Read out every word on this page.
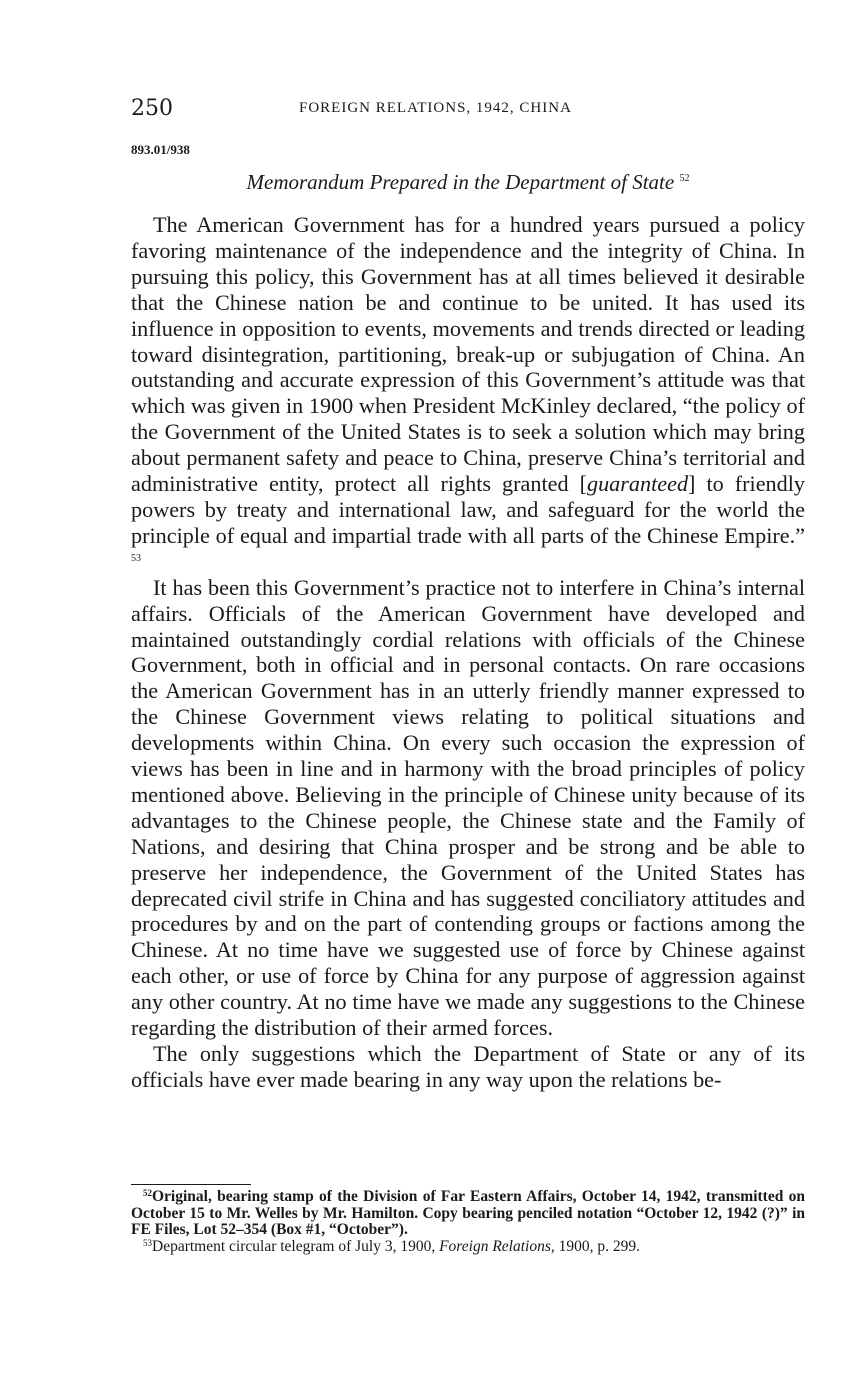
250	FOREIGN RELATIONS, 1942, CHINA
893.01/938
Memorandum Prepared in the Department of State $^{52}$

The American Government has for a hundred years pursued a policy favoring maintenance of the independence and the integrity of China. In pursuing this policy, this Government has at all times believed it desirable that the Chinese nation be and continue to be united. It has used its influence in opposition to events, movements and trends directed or leading toward disintegration, partitioning, break-up or subjugation of China. An outstanding and accurate expression of this Government’s attitude was that which was given in 1900 when President McKinley declared, “the policy of the Government of the United States is to seek a solution which may bring about permanent safety and peace to China, preserve China’s territorial and administrative entity, protect all rights granted [guaranteed] to friendly powers by treaty and international law, and safeguard for the world the principle of equal and impartial trade with all parts of the Chinese Empire.” $^{53}$

It has been this Government’s practice not to interfere in China’s internal affairs. Officials of the American Government have developed and maintained outstandingly cordial relations with officials of the Chinese Government, both in official and in personal contacts. On rare occasions the American Government has in an utterly friendly manner expressed to the Chinese Government views relating to political situations and developments within China. On every such occasion the expression of views has been in line and in harmony with the broad principles of policy mentioned above. Believing in the principle of Chinese unity because of its advantages to the Chinese people, the Chinese state and the Family of Nations, and desiring that China prosper and be strong and be able to preserve her independence, the Government of the United States has deprecated civil strife in China and has suggested conciliatory attitudes and procedures by and on the part of contending groups or factions among the Chinese. At no time have we suggested use of force by Chinese against each other, or use of force by China for any purpose of aggression against any other country. At no time have we made any suggestions to the Chinese regarding the distribution of their armed forces.

The only suggestions which the Department of State or any of its officials have ever made bearing in any way upon the relations be-

$^{52}$Original, bearing stamp of the Division of Far Eastern Affairs, October 14, 1942, transmitted on October 15 to Mr. Welles by Mr. Hamilton. Copy bearing penciled notation “October 12, 1942 (?)” in FE Files, Lot 52–354 (Box #1, “October”).

$^{53}$Department circular telegram of July 3, 1900, Foreign Relations, 1900, p. 299.
